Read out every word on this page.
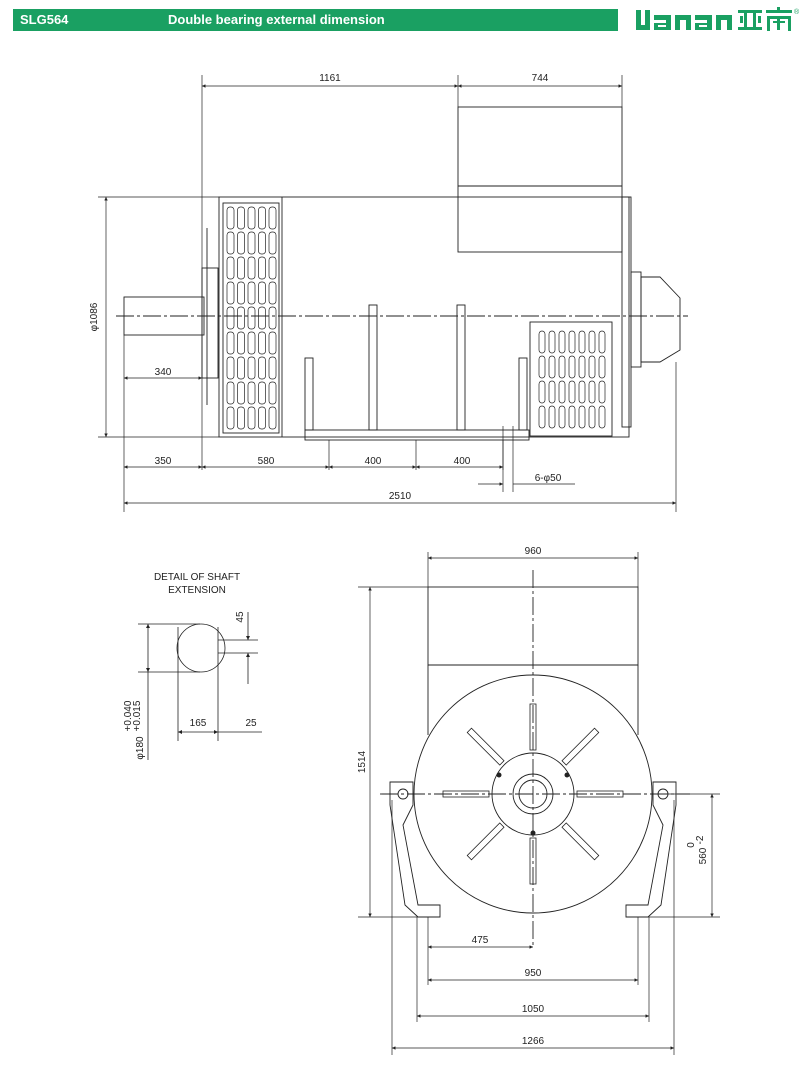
SLG564	Double bearing external dimension	®
1161	744
φ1086
340
350	580	400	400
6-φ50
2510
DETAIL OF SHAFT
EXTENSION
45
165	25
φ180
+0.040
+0.015
960
1514
560
0
-2
475
950
1050
1266
